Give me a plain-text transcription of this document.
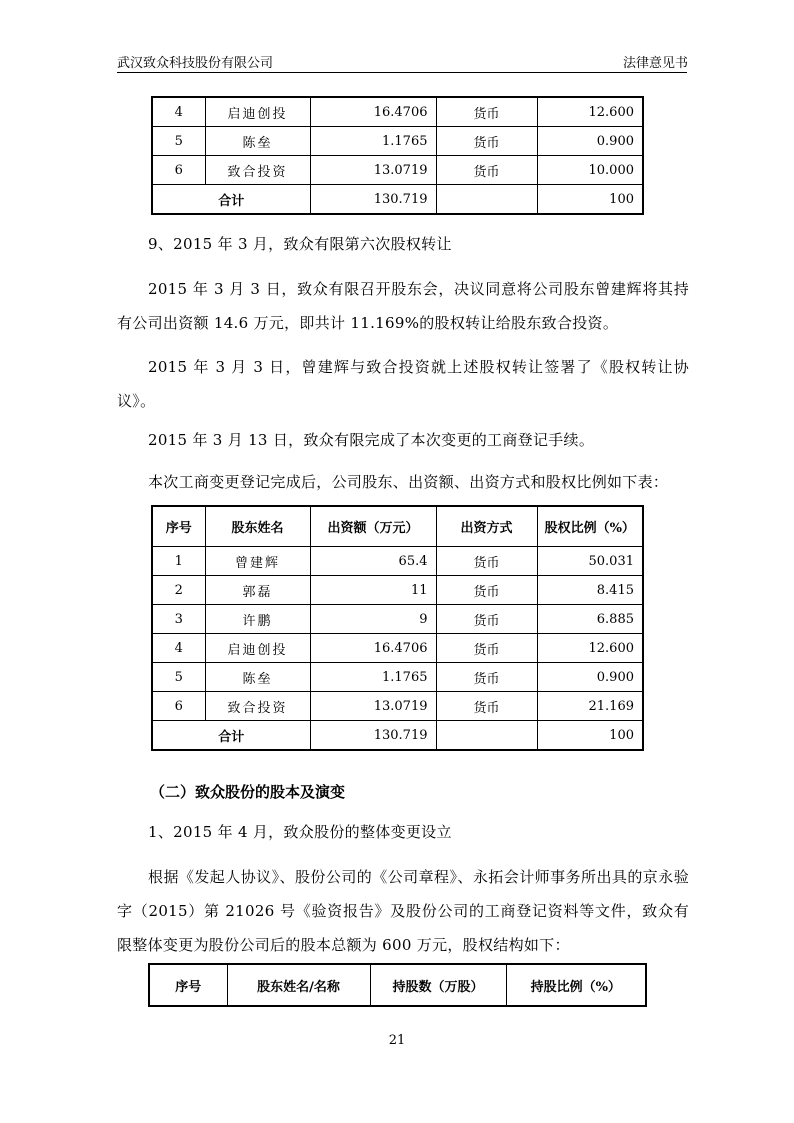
武汉致众科技股份有限公司	法律意见书
4	启迪创投	16.4706	货币	12.600
5	陈垒	1.1765	货币	0.900
6	致合投资	13.0719	货币	10.000
合计		130.719		100
9、2015 年 3 月，致众有限第六次股权转让
2015 年 3 月 3 日，致众有限召开股东会，决议同意将公司股东曾建辉将其持有公司出资额 14.6 万元，即共计 11.169%的股权转让给股东致合投资。
2015 年 3 月 3 日，曾建辉与致合投资就上述股权转让签署了《股权转让协议》。
2015 年 3 月 13 日，致众有限完成了本次变更的工商登记手续。
本次工商变更登记完成后，公司股东、出资额、出资方式和股权比例如下表：
序号	股东姓名	出资额（万元）	出资方式	股权比例（%）
1	曾建辉	65.4	货币	50.031
2	郭磊	11	货币	8.415
3	许鹏	9	货币	6.885
4	启迪创投	16.4706	货币	12.600
5	陈垒	1.1765	货币	0.900
6	致合投资	13.0719	货币	21.169
合计		130.719		100
（二）致众股份的股本及演变
1、2015 年 4 月，致众股份的整体变更设立
根据《发起人协议》、股份公司的《公司章程》、永拓会计师事务所出具的京永验字（2015）第 21026 号《验资报告》及股份公司的工商登记资料等文件，致众有限整体变更为股份公司后的股本总额为 600 万元，股权结构如下：
序号	股东姓名/名称	持股数（万股）	持股比例（%）
21
